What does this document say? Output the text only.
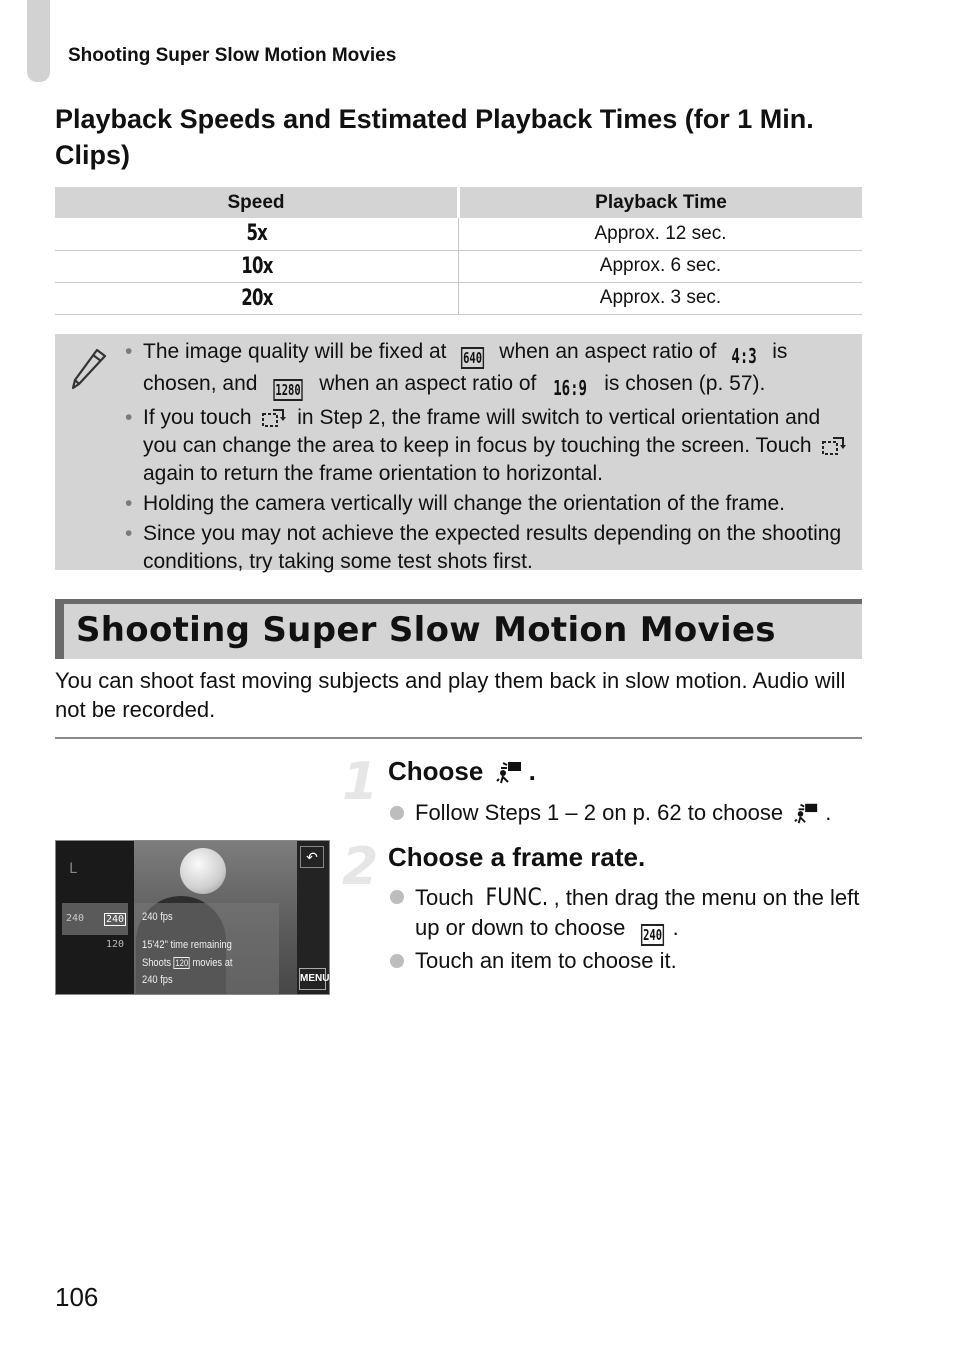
Shooting Super Slow Motion Movies
Playback Speeds and Estimated Playback Times (for 1 Min. Clips)
Speed	Playback Time
5x	Approx. 12 sec.
10x	Approx. 6 sec.
20x	Approx. 3 sec.
• The image quality will be fixed at 640 when an aspect ratio of 4:3 is chosen, and 1280 when an aspect ratio of 16:9 is chosen (p. 57).
• If you touch in Step 2, the frame will switch to vertical orientation and you can change the area to keep in focus by touching the screen. Touch  again to return the frame orientation to horizontal.
• Holding the camera vertically will change the orientation of the frame.
• Since you may not achieve the expected results depending on the shooting conditions, try taking some test shots first.
Shooting Super Slow Motion Movies

You can shoot fast moving subjects and play them back in slow motion. Audio will not be recorded.

1 Choose .
Follow Steps 1 – 2 on p. 62 to choose .
2 Choose a frame rate.
Touch FUNC. , then drag the menu on the left up or down to choose 240 .
Touch an item to choose it.
L
240 240
120
240 fps
15'42" time remaining
Shoots 120 movies at
240 fps
↶
MENU
106
